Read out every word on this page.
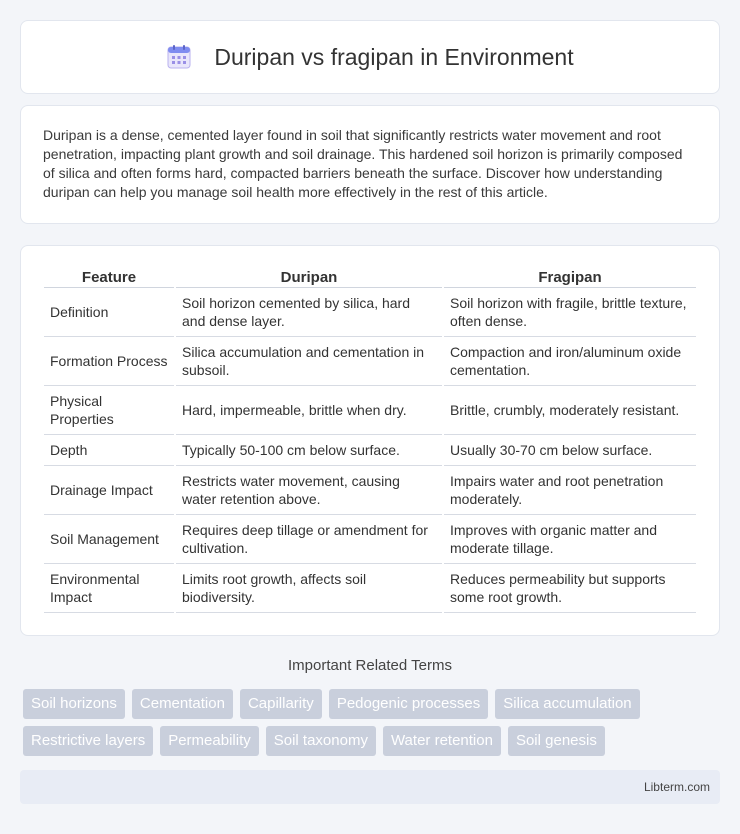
Duripan vs fragipan in Environment

Duripan is a dense, cemented layer found in soil that significantly restricts water movement and root penetration, impacting plant growth and soil drainage. This hardened soil horizon is primarily composed of silica and often forms hard, compacted barriers beneath the surface. Discover how understanding duripan can help you manage soil health more effectively in the rest of this article.

Feature	Duripan	Fragipan
Definition	Soil horizon cemented by silica, hard and dense layer.	Soil horizon with fragile, brittle texture, often dense.
Formation Process	Silica accumulation and cementation in subsoil.	Compaction and iron/aluminum oxide cementation.
Physical Properties	Hard, impermeable, brittle when dry.	Brittle, crumbly, moderately resistant.
Depth	Typically 50-100 cm below surface.	Usually 30-70 cm below surface.
Drainage Impact	Restricts water movement, causing water retention above.	Impairs water and root penetration moderately.
Soil Management	Requires deep tillage or amendment for cultivation.	Improves with organic matter and moderate tillage.
Environmental Impact	Limits root growth, affects soil biodiversity.	Reduces permeability but supports some root growth.
Important Related Terms
Soil horizons	Cementation	Capillarity	Pedogenic processes	Silica accumulation
Restrictive layers	Permeability	Soil taxonomy	Water retention	Soil genesis
Libterm.com
